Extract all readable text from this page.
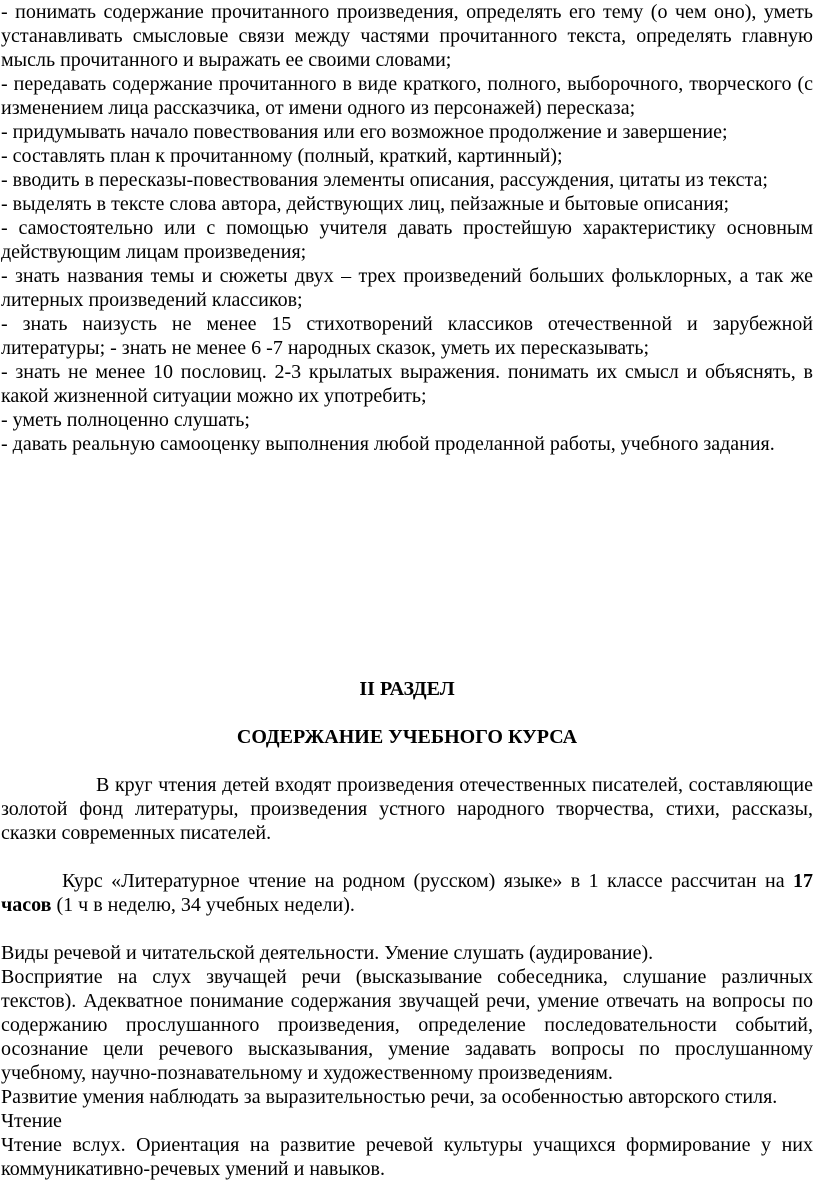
- понимать содержание прочитанного произведения, определять его тему (о чем оно), уметь устанавливать смысловые связи между частями прочитанного текста, определять главную мысль прочитанного и выражать ее своими словами;
- передавать содержание прочитанного в виде краткого, полного, выборочного, творческого (с изменением лица рассказчика, от имени одного из персонажей) пересказа;
- придумывать начало повествования или его возможное продолжение и завершение;
- составлять план к прочитанному (полный, краткий, картинный);
- вводить в пересказы-повествования элементы описания, рассуждения, цитаты из текста;
- выделять в тексте слова автора, действующих лиц, пейзажные и бытовые описания;
- самостоятельно или с помощью учителя давать простейшую характеристику основным действующим лицам произведения;
- знать названия темы и сюжеты двух – трех произведений больших фольклорных, а так же литерных произведений классиков;
- знать наизусть не менее 15 стихотворений классиков отечественной и зарубежной литературы; - знать не менее 6 -7 народных сказок, уметь их пересказывать;
- знать не менее 10 пословиц. 2-3 крылатых выражения. понимать их смысл и объяснять, в какой жизненной ситуации можно их употребить;
- уметь полноценно слушать;
- давать реальную самооценку выполнения любой проделанной работы, учебного задания.

II РАЗДЕЛ

СОДЕРЖАНИЕ УЧЕБНОГО КУРСА

В круг чтения детей входят произведения отечественных писателей, составляющие золотой фонд литературы, произведения устного народного творчества, стихи, рассказы, сказки современных писателей.

Курс «Литературное чтение на родном (русском) языке» в 1 классе рассчитан на 17 часов (1 ч в неделю, 34 учебных недели).

Виды речевой и читательской деятельности. Умение слушать (аудирование).

Восприятие на слух звучащей речи (высказывание собеседника, слушание различных текстов). Адекватное понимание содержания звучащей речи, умение отвечать на вопросы по содержанию прослушанного произведения, определение последовательности событий, осознание цели речевого высказывания, умение задавать вопросы по прослушанному учебному, научно-познавательному и художественному произведениям.

Развитие умения наблюдать за выразительностью речи, за особенностью авторского стиля.

Чтение

Чтение вслух. Ориентация на развитие речевой культуры учащихся формирование у них коммуникативно-речевых умений и навыков.
